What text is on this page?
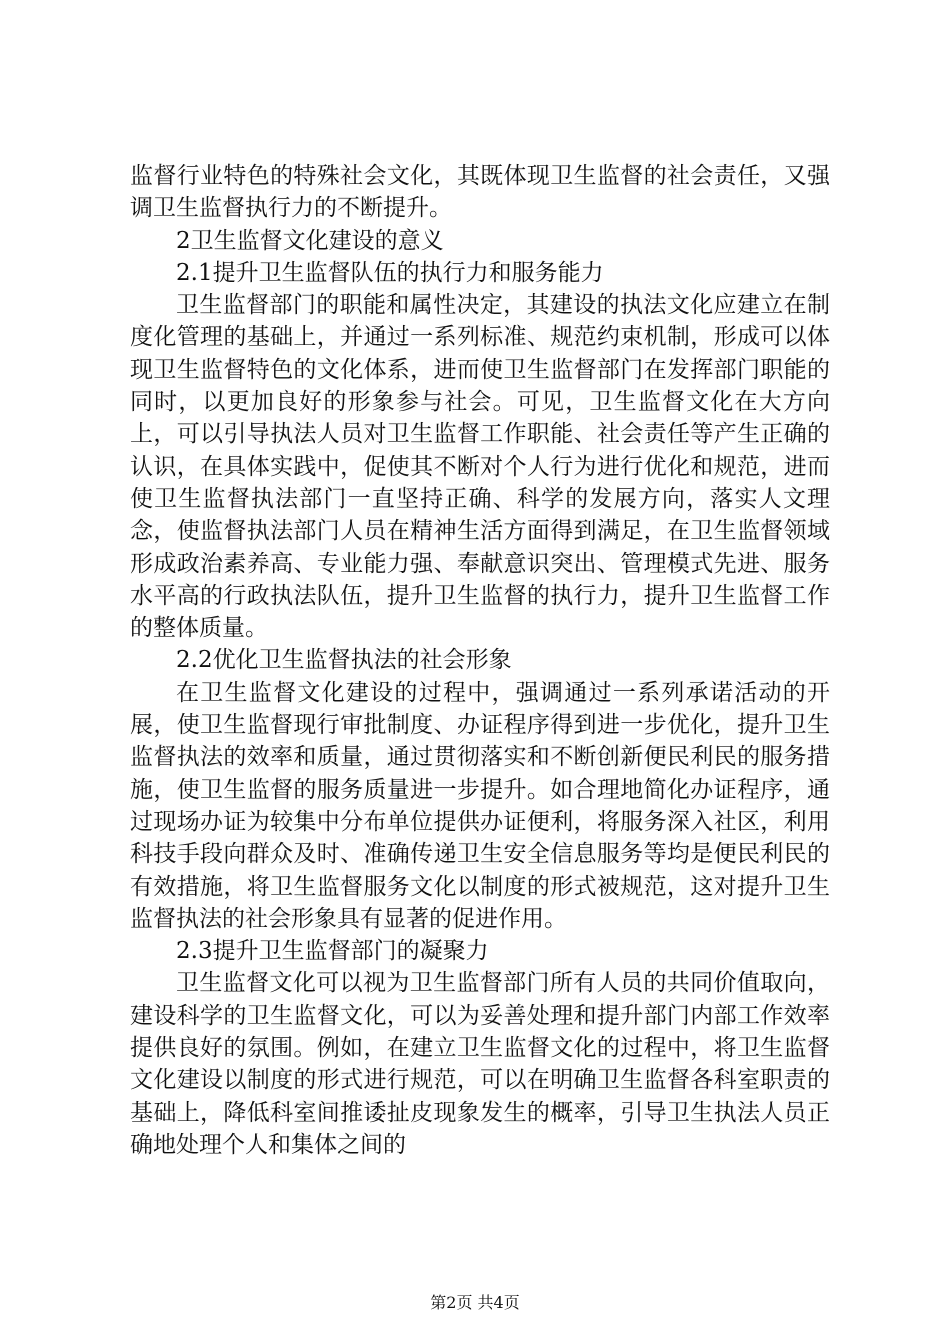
监督行业特色的特殊社会文化，其既体现卫生监督的社会责任，又强调卫生监督执行力的不断提升。

2卫生监督文化建设的意义

2.1提升卫生监督队伍的执行力和服务能力

卫生监督部门的职能和属性决定，其建设的执法文化应建立在制度化管理的基础上，并通过一系列标准、规范约束机制，形成可以体现卫生监督特色的文化体系，进而使卫生监督部门在发挥部门职能的同时，以更加良好的形象参与社会。可见，卫生监督文化在大方向上，可以引导执法人员对卫生监督工作职能、社会责任等产生正确的认识，在具体实践中，促使其不断对个人行为进行优化和规范，进而使卫生监督执法部门一直坚持正确、科学的发展方向，落实人文理念，使监督执法部门人员在精神生活方面得到满足，在卫生监督领域形成政治素养高、专业能力强、奉献意识突出、管理模式先进、服务水平高的行政执法队伍，提升卫生监督的执行力，提升卫生监督工作的整体质量。

2.2优化卫生监督执法的社会形象

在卫生监督文化建设的过程中，强调通过一系列承诺活动的开展，使卫生监督现行审批制度、办证程序得到进一步优化，提升卫生监督执法的效率和质量，通过贯彻落实和不断创新便民利民的服务措施，使卫生监督的服务质量进一步提升。如合理地简化办证程序，通过现场办证为较集中分布单位提供办证便利，将服务深入社区，利用科技手段向群众及时、准确传递卫生安全信息服务等均是便民利民的有效措施，将卫生监督服务文化以制度的形式被规范，这对提升卫生监督执法的社会形象具有显著的促进作用。

2.3提升卫生监督部门的凝聚力

卫生监督文化可以视为卫生监督部门所有人员的共同价值取向，建设科学的卫生监督文化，可以为妥善处理和提升部门内部工作效率提供良好的氛围。例如，在建立卫生监督文化的过程中，将卫生监督文化建设以制度的形式进行规范，可以在明确卫生监督各科室职责的基础上，降低科室间推诿扯皮现象发生的概率，引导卫生执法人员正确地处理个人和集体之间的

第2页 共4页
